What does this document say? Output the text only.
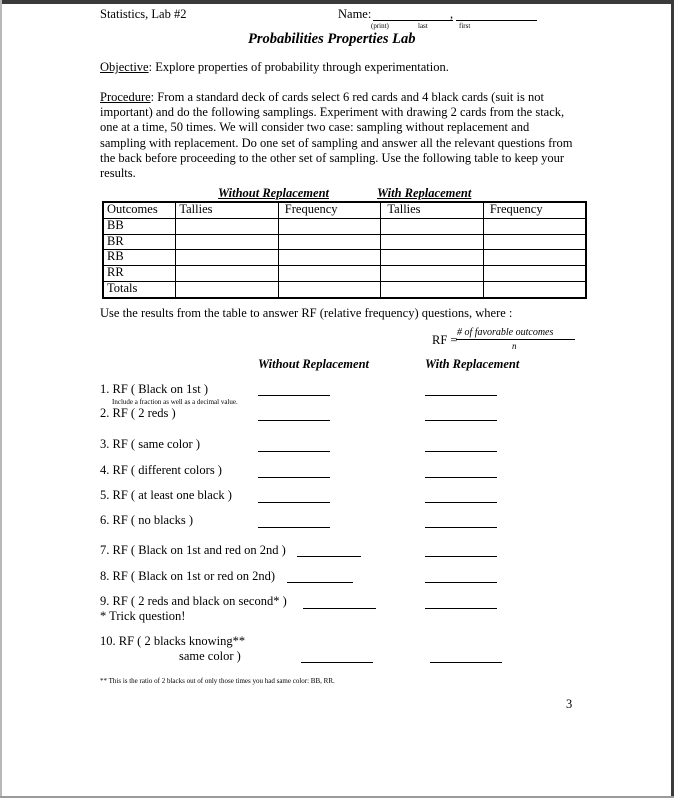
Statistics, Lab #2	Name:	,
(print)	last	first
Probabilities Properties Lab
Objective: Explore properties of probability through experimentation.
Procedure: From a standard deck of cards select 6 red cards and 4 black cards (suit is not important) and do the following samplings. Experiment with drawing 2 cards from the stack, one at a time, 50 times. We will consider two case: sampling without replacement and sampling with replacement. Do one set of sampling and answer all the relevant questions from the back before proceeding to the other set of sampling. Use the following table to keep your results.
Without Replacement	With Replacement
Outcomes	Tallies	Frequency	Tallies	Frequency
BB				
BR				
RB				
RR				
Totals				
Use the results from the table to answer RF (relative frequency) questions, where :
RF =
# of favorable outcomes
n
Without Replacement	With Replacement
1. RF ( Black on 1st )
Include a fraction as well as a decimal value.
2. RF ( 2 reds )
3. RF ( same color )
4. RF ( different colors )
5. RF ( at least one black )
6. RF ( no blacks )
7. RF ( Black on 1st and red on 2nd )
8. RF ( Black on 1st or red on 2nd)
9. RF ( 2 reds and black on second* )
* Trick question!
10. RF ( 2 blacks knowing**
same color )
** This is the ratio of 2 blacks out of only those times you had same color: BB, RR.
3
